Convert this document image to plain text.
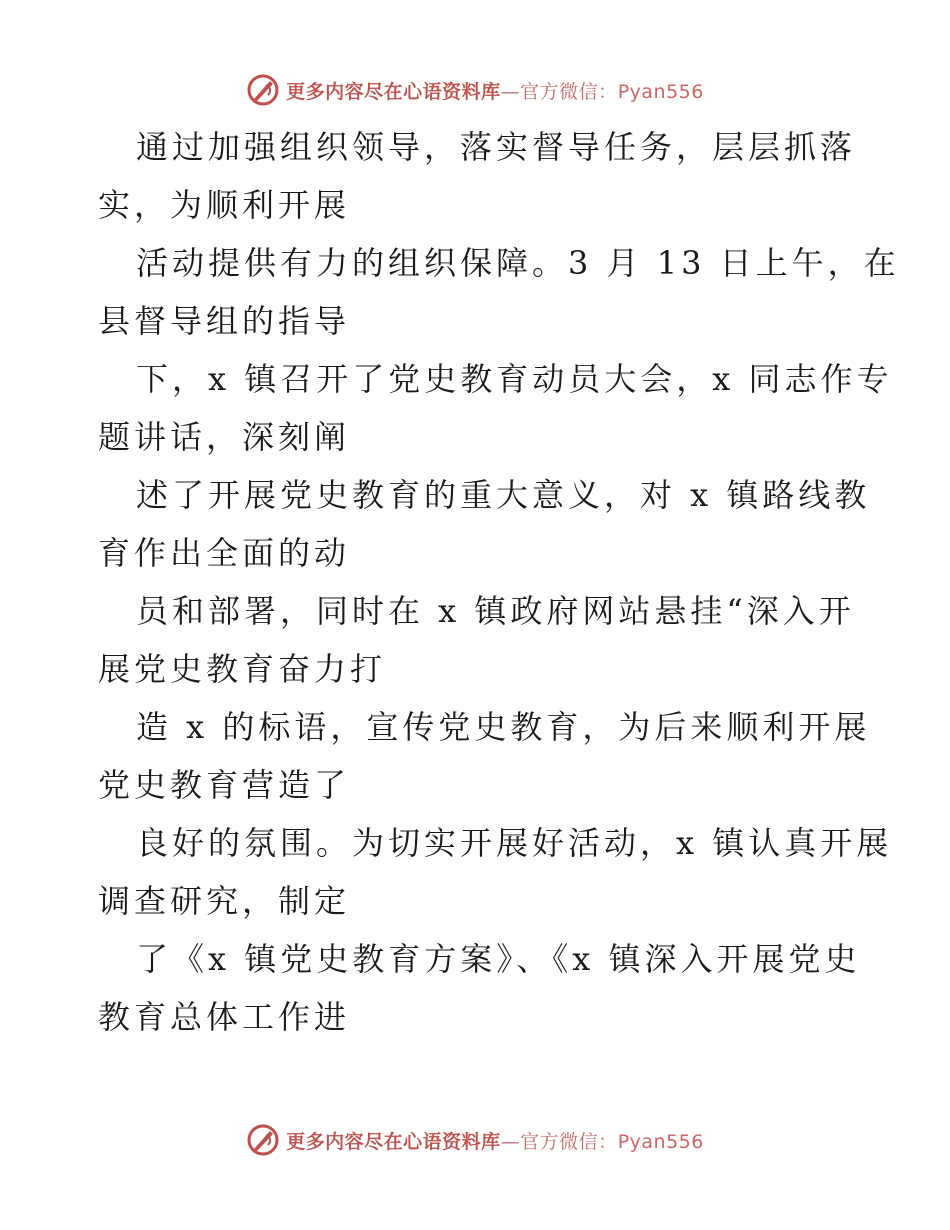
更多内容尽在心语资料库—官方微信：Pyan556

通过加强组织领导，落实督导任务，层层抓落
实，为顺利开展

活动提供有力的组织保障。3 月 13 日上午，在
县督导组的指导

下，x 镇召开了党史教育动员大会，x 同志作专
题讲话，深刻阐

述了开展党史教育的重大意义，对 x 镇路线教
育作出全面的动

员和部署，同时在 x 镇政府网站悬挂“深入开
展党史教育奋力打

造 x 的标语，宣传党史教育，为后来顺利开展
党史教育营造了

良好的氛围。为切实开展好活动，x 镇认真开展
调查研究，制定

了《x 镇党史教育方案》、《x 镇深入开展党史
教育总体工作进

更多内容尽在心语资料库—官方微信：Pyan556
